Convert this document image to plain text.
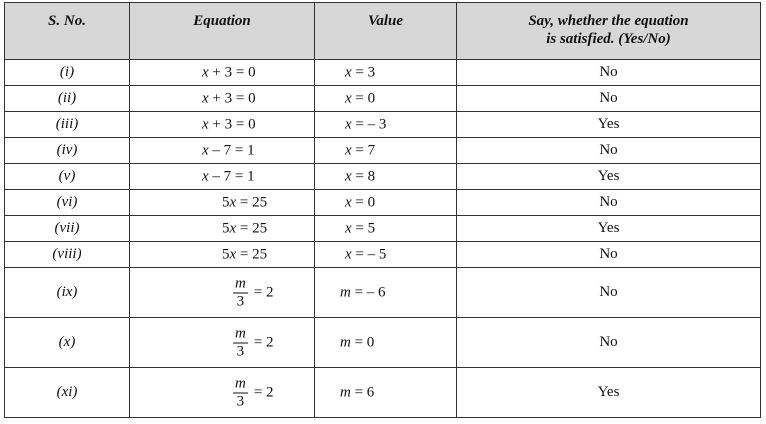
S. No.	Equation	Value	Say, whether the equation
is satisfied. (Yes/No)

(i)	x + 3 = 0	x = 3	No
(ii)	x + 3 = 0	x = 0	No
(iii)	x + 3 = 0	x = – 3	Yes
(iv)	x – 7 = 1	x = 7	No
(v)	x – 7 = 1	x = 8	Yes
(vi)	5x = 25	x = 0	No
(vii)	5x = 25	x = 5	Yes
(viii)	5x = 25	x = – 5	No
(ix)	$\frac{m}{3} = 2$	m = – 6	No
(x)	$\frac{m}{3} = 2$	m = 0	No
(xi)	$\frac{m}{3} = 2$	m = 6	Yes
